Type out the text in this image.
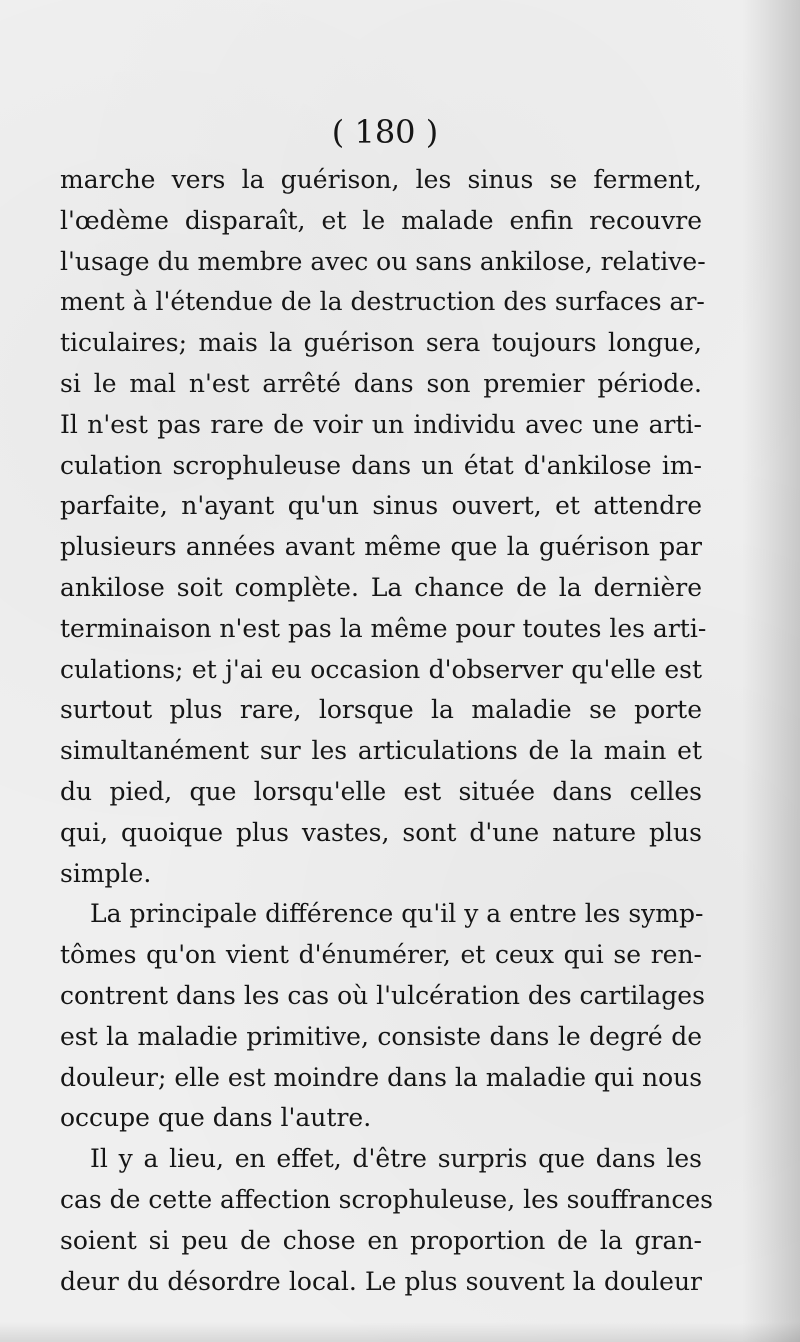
( 180 )
marche vers la guérison, les sinus se ferment,
l'œdème disparaît, et le malade enfin recouvre
l'usage du membre avec ou sans ankilose, relative-
ment à l'étendue de la destruction des surfaces ar-
ticulaires; mais la guérison sera toujours longue,
si le mal n'est arrêté dans son premier période.
Il n'est pas rare de voir un individu avec une arti-
culation scrophuleuse dans un état d'ankilose im-
parfaite, n'ayant qu'un sinus ouvert, et attendre
plusieurs années avant même que la guérison par
ankilose soit complète. La chance de la dernière
terminaison n'est pas la même pour toutes les arti-
culations; et j'ai eu occasion d'observer qu'elle est
surtout plus rare, lorsque la maladie se porte
simultanément sur les articulations de la main et
du pied, que lorsqu'elle est située dans celles
qui, quoique plus vastes, sont d'une nature plus
simple.
La principale différence qu'il y a entre les symp-
tômes qu'on vient d'énumérer, et ceux qui se ren-
contrent dans les cas où l'ulcération des cartilages
est la maladie primitive, consiste dans le degré de
douleur; elle est moindre dans la maladie qui nous
occupe que dans l'autre.
Il y a lieu, en effet, d'être surpris que dans les
cas de cette affection scrophuleuse, les souffrances
soient si peu de chose en proportion de la gran-
deur du désordre local. Le plus souvent la douleur
